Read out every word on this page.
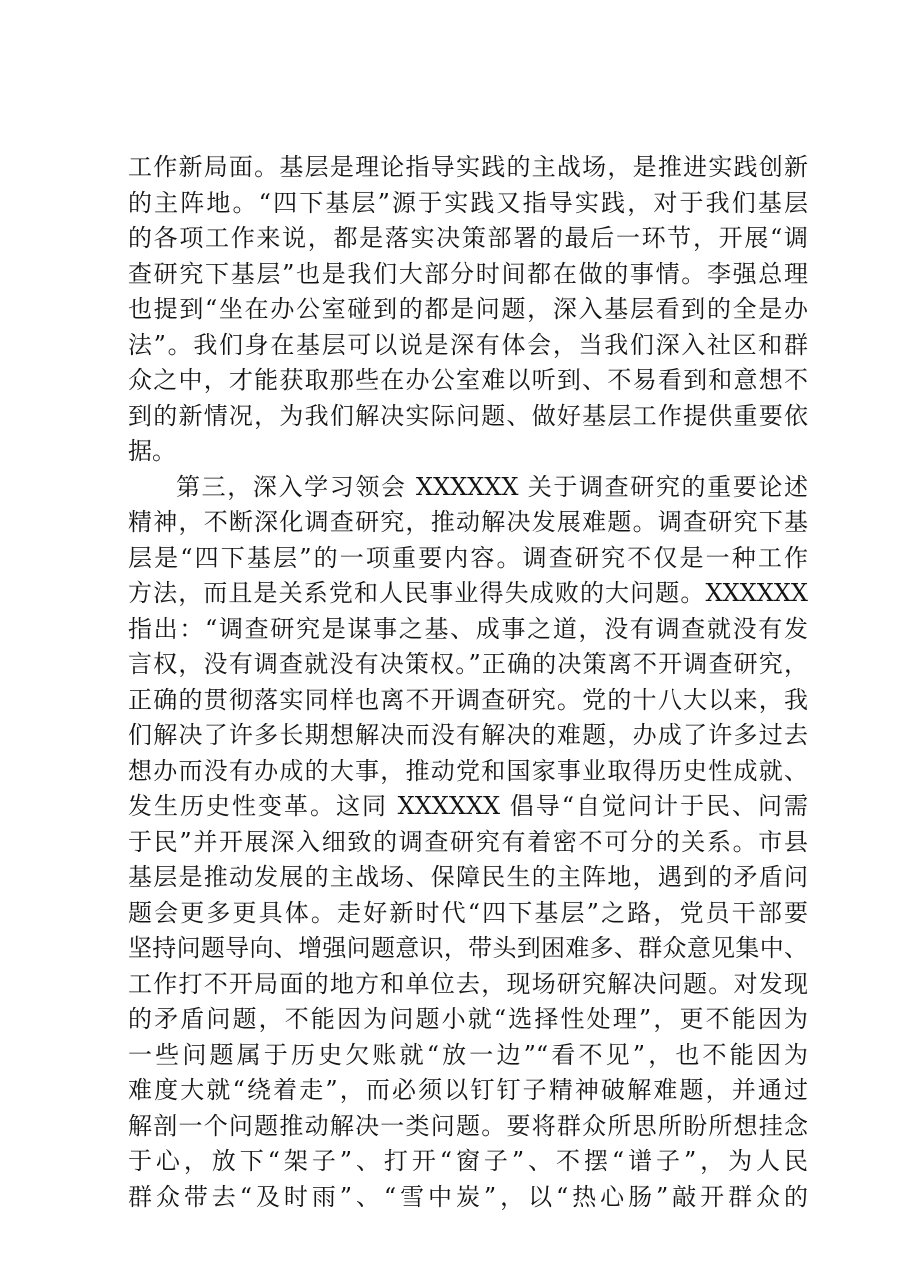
工作新局面。基层是理论指导实践的主战场，是推进实践创新
的主阵地。“四下基层”源于实践又指导实践，对于我们基层
的各项工作来说，都是落实决策部署的最后一环节，开展“调
查研究下基层”也是我们大部分时间都在做的事情。李强总理
也提到“坐在办公室碰到的都是问题，深入基层看到的全是办
法”。我们身在基层可以说是深有体会，当我们深入社区和群
众之中，才能获取那些在办公室难以听到、不易看到和意想不
到的新情况，为我们解决实际问题、做好基层工作提供重要依
据。
第三，深入学习领会 XXXXXX 关于调查研究的重要论述
精神，不断深化调查研究，推动解决发展难题。调查研究下基
层是“四下基层”的一项重要内容。调查研究不仅是一种工作
方法，而且是关系党和人民事业得失成败的大问题。XXXXXX
指出：“调查研究是谋事之基、成事之道，没有调查就没有发
言权，没有调查就没有决策权。”正确的决策离不开调查研究，
正确的贯彻落实同样也离不开调查研究。党的十八大以来，我
们解决了许多长期想解决而没有解决的难题，办成了许多过去
想办而没有办成的大事，推动党和国家事业取得历史性成就、
发生历史性变革。这同 XXXXXX 倡导“自觉问计于民、问需
于民”并开展深入细致的调查研究有着密不可分的关系。市县
基层是推动发展的主战场、保障民生的主阵地，遇到的矛盾问
题会更多更具体。走好新时代“四下基层”之路，党员干部要
坚持问题导向、增强问题意识，带头到困难多、群众意见集中、
工作打不开局面的地方和单位去，现场研究解决问题。对发现
的矛盾问题，不能因为问题小就“选择性处理”，更不能因为
一些问题属于历史欠账就“放一边”“看不见”，也不能因为
难度大就“绕着走”，而必须以钉钉子精神破解难题，并通过
解剖一个问题推动解决一类问题。要将群众所思所盼所想挂念
于心，放下“架子”、打开“窗子”、不摆“谱子”，为人民
群众带去“及时雨”、“雪中炭”，以“热心肠”敲开群众的
